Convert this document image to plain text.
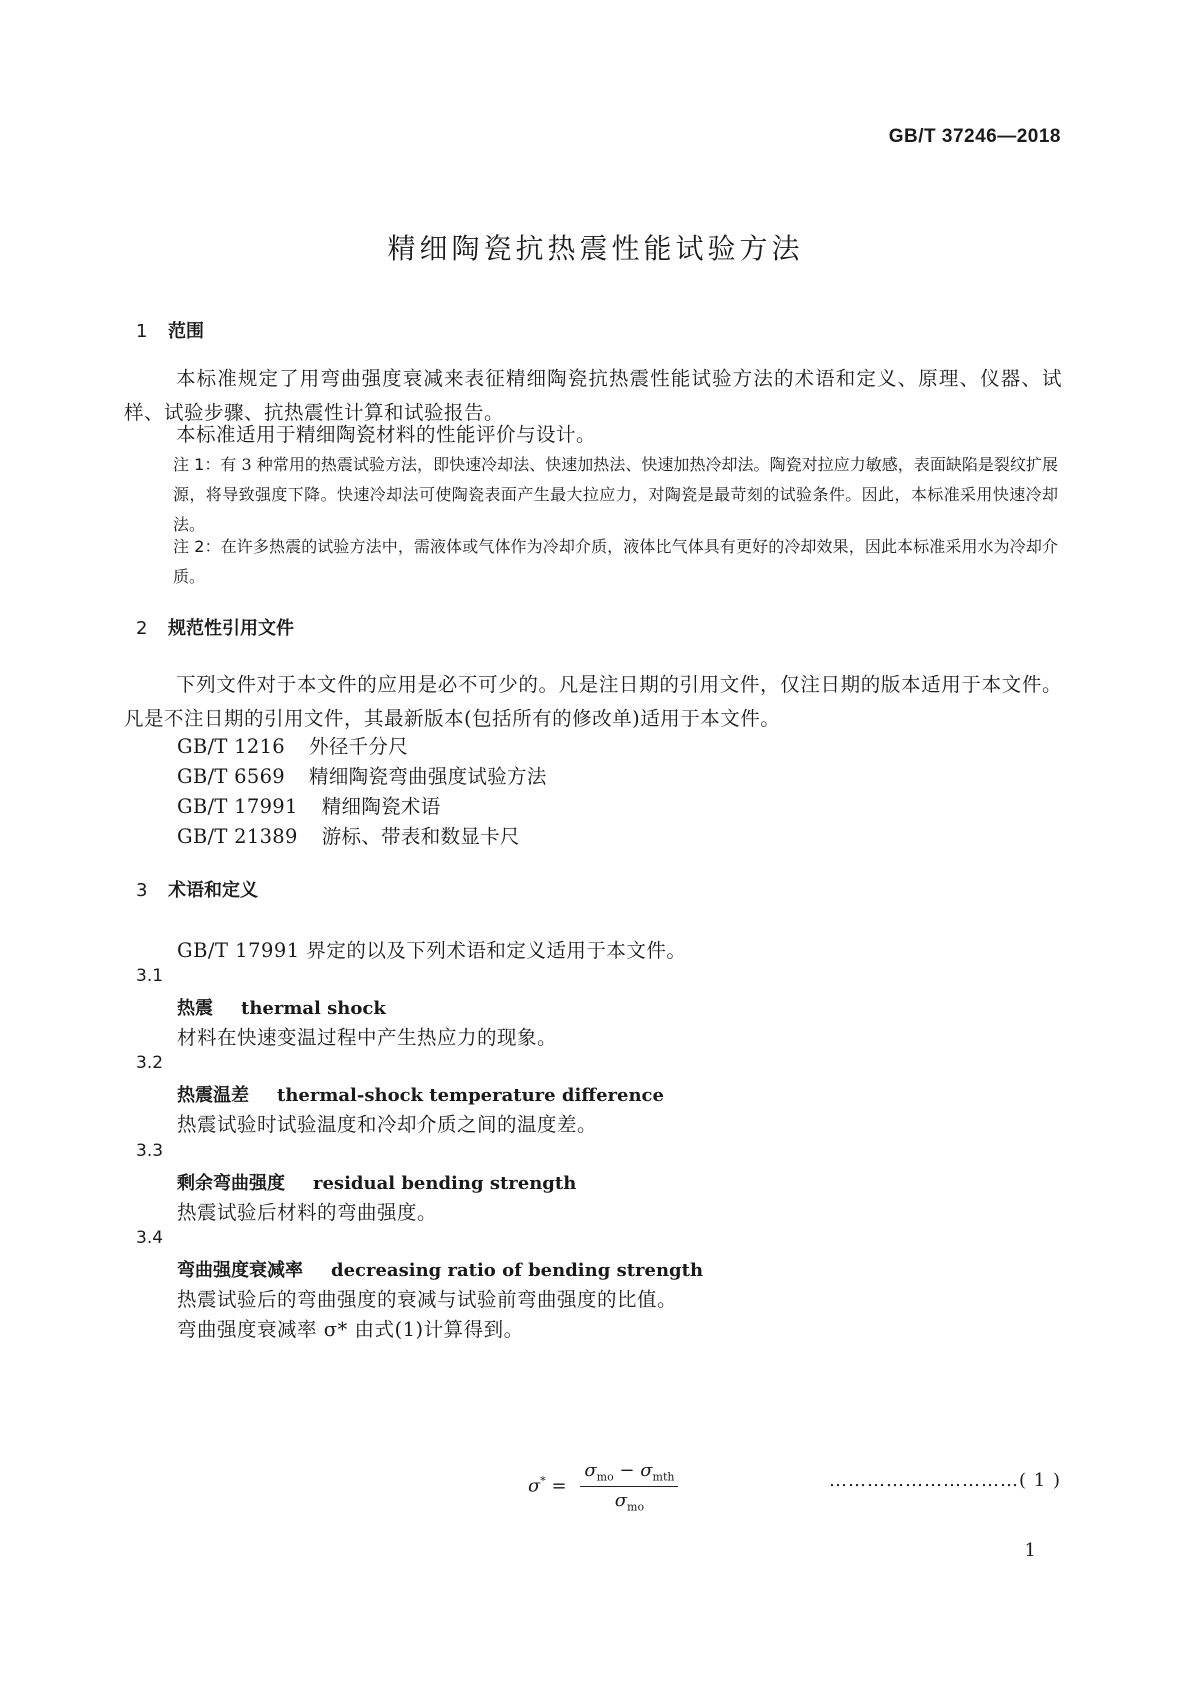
GB/T 37246—2018
精细陶瓷抗热震性能试验方法
1 范围
本标准规定了用弯曲强度衰减来表征精细陶瓷抗热震性能试验方法的术语和定义、原理、仪器、试样、试验步骤、抗热震性计算和试验报告。
本标准适用于精细陶瓷材料的性能评价与设计。
注 1：有 3 种常用的热震试验方法，即快速冷却法、快速加热法、快速加热冷却法。陶瓷对拉应力敏感，表面缺陷是裂纹扩展源，将导致强度下降。快速冷却法可使陶瓷表面产生最大拉应力，对陶瓷是最苛刻的试验条件。因此，本标准采用快速冷却法。
注 2：在许多热震的试验方法中，需液体或气体作为冷却介质，液体比气体具有更好的冷却效果，因此本标准采用水为冷却介质。
2 规范性引用文件
下列文件对于本文件的应用是必不可少的。凡是注日期的引用文件，仅注日期的版本适用于本文件。凡是不注日期的引用文件，其最新版本(包括所有的修改单)适用于本文件。
GB/T 1216 外径千分尺
GB/T 6569 精细陶瓷弯曲强度试验方法
GB/T 17991 精细陶瓷术语
GB/T 21389 游标、带表和数显卡尺
3 术语和定义
GB/T 17991 界定的以及下列术语和定义适用于本文件。
3.1
热震 thermal shock
材料在快速变温过程中产生热应力的现象。
3.2
热震温差 thermal-shock temperature difference
热震试验时试验温度和冷却介质之间的温度差。
3.3
剩余弯曲强度 residual bending strength
热震试验后材料的弯曲强度。
3.4
弯曲强度衰减率 decreasing ratio of bending strength
热震试验后的弯曲强度的衰减与试验前弯曲强度的比值。
弯曲强度衰减率 σ* 由式(1)计算得到。
$\sigma^* = \frac{\sigma_{mo} - \sigma_{mth}}{\sigma_{mo}}$	…………………………( 1 )
1
